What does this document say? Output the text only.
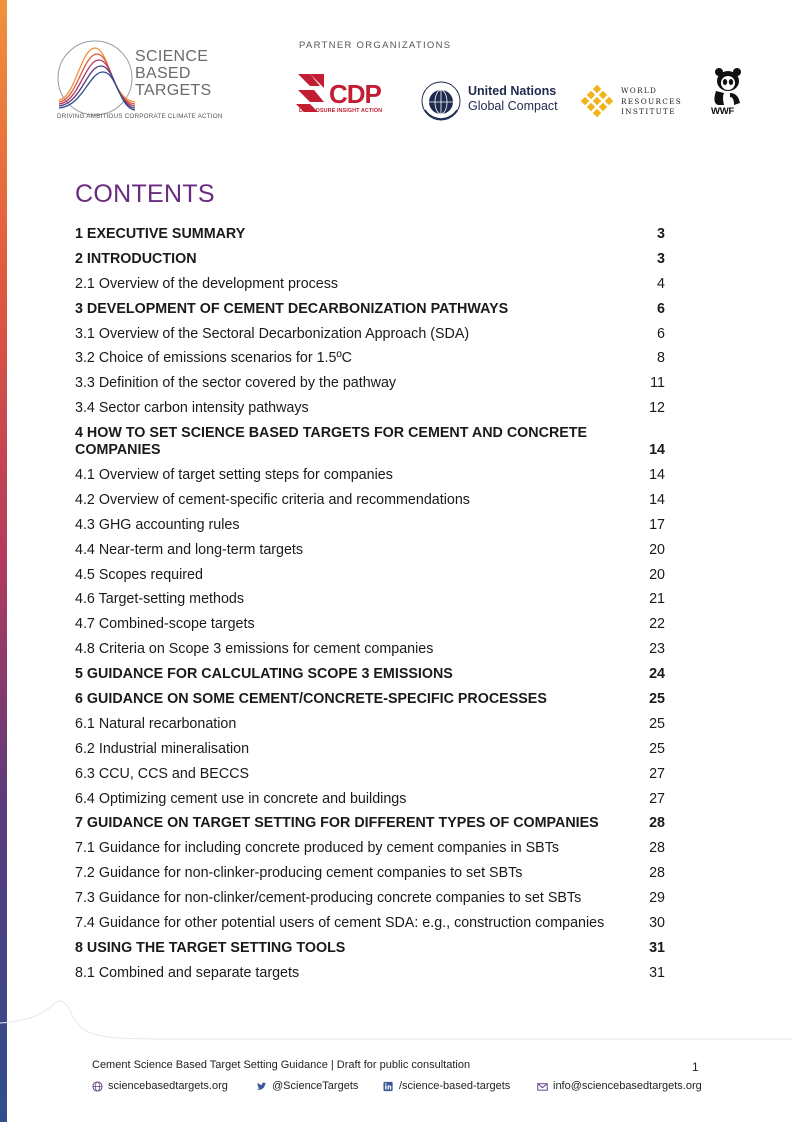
SCIENCE
BASED
TARGETS
DRIVING AMBITIOUS CORPORATE CLIMATE ACTION
PARTNER ORGANIZATIONS
CDP
DISCLOSURE INSIGHT ACTION
United Nations
Global Compact
WORLD
RESOURCES
INSTITUTE	WWF
CONTENTS
1 EXECUTIVE SUMMARY	3
2 INTRODUCTION	3
2.1 Overview of the development process	4
3 DEVELOPMENT OF CEMENT DECARBONIZATION PATHWAYS	6
3.1 Overview of the Sectoral Decarbonization Approach (SDA)	6
3.2 Choice of emissions scenarios for 1.5ºC	8
3.3 Definition of the sector covered by the pathway	11
3.4 Sector carbon intensity pathways	12
4 HOW TO SET SCIENCE BASED TARGETS FOR CEMENT AND CONCRETE COMPANIES	14
4.1 Overview of target setting steps for companies	14
4.2 Overview of cement-specific criteria and recommendations	14
4.3 GHG accounting rules	17
4.4 Near-term and long-term targets	20
4.5 Scopes required	20
4.6 Target-setting methods	21
4.7 Combined-scope targets	22
4.8 Criteria on Scope 3 emissions for cement companies	23
5 GUIDANCE FOR CALCULATING SCOPE 3 EMISSIONS	24
6 GUIDANCE ON SOME CEMENT/CONCRETE-SPECIFIC PROCESSES	25
6.1 Natural recarbonation	25
6.2 Industrial mineralisation	25
6.3 CCU, CCS and BECCS	27
6.4 Optimizing cement use in concrete and buildings	27
7 GUIDANCE ON TARGET SETTING FOR DIFFERENT TYPES OF COMPANIES	28
7.1 Guidance for including concrete produced by cement companies in SBTs	28
7.2 Guidance for non-clinker-producing cement companies to set SBTs	28
7.3 Guidance for non-clinker/cement-producing concrete companies to set SBTs	29
7.4 Guidance for other potential users of cement SDA: e.g., construction companies	30
8 USING THE TARGET SETTING TOOLS	31
8.1 Combined and separate targets	31
Cement Science Based Target Setting Guidance | Draft for public consultation	1
sciencebasedtargets.org	@ScienceTargets	/science-based-targets	info@sciencebasedtargets.org
